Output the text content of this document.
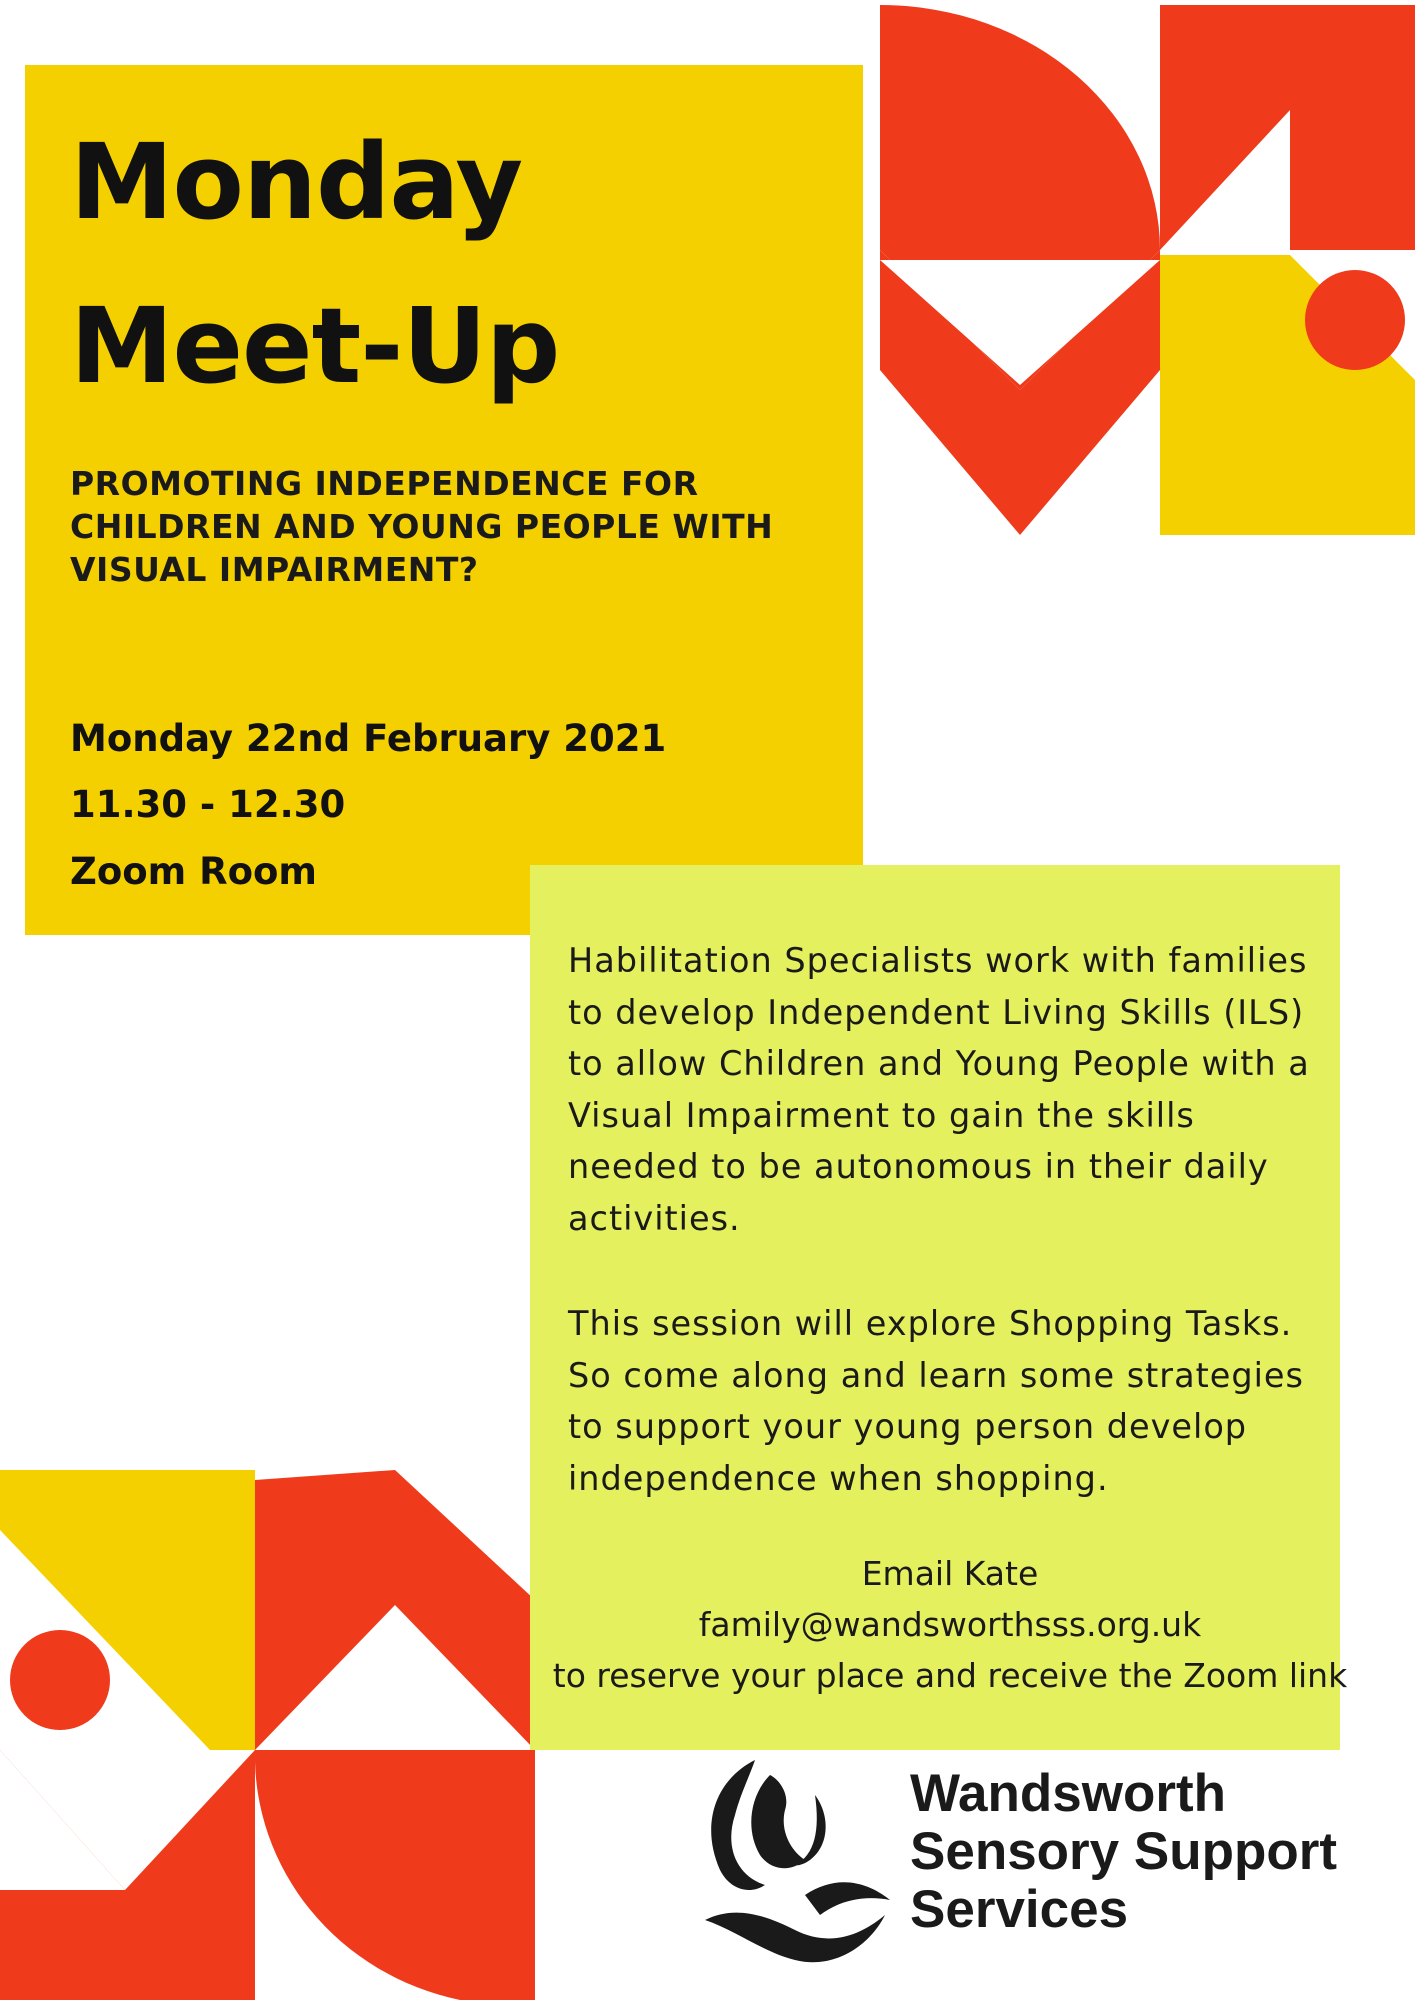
Monday
Meet-Up

PROMOTING INDEPENDENCE FOR CHILDREN AND YOUNG PEOPLE WITH VISUAL IMPAIRMENT?

Monday 22nd February 2021

11.30 - 12.30

Zoom Room

Habilitation Specialists work with families to develop Independent Living Skills (ILS) to allow Children and Young People with a Visual Impairment to gain the skills needed to be autonomous in their daily activities.

This session will explore Shopping Tasks. So come along and learn some strategies to support your young person develop independence when shopping.

Email Kate

family@wandsworthsss.org.uk

to reserve your place and receive the Zoom link

Wandsworth
Sensory Support
Services
